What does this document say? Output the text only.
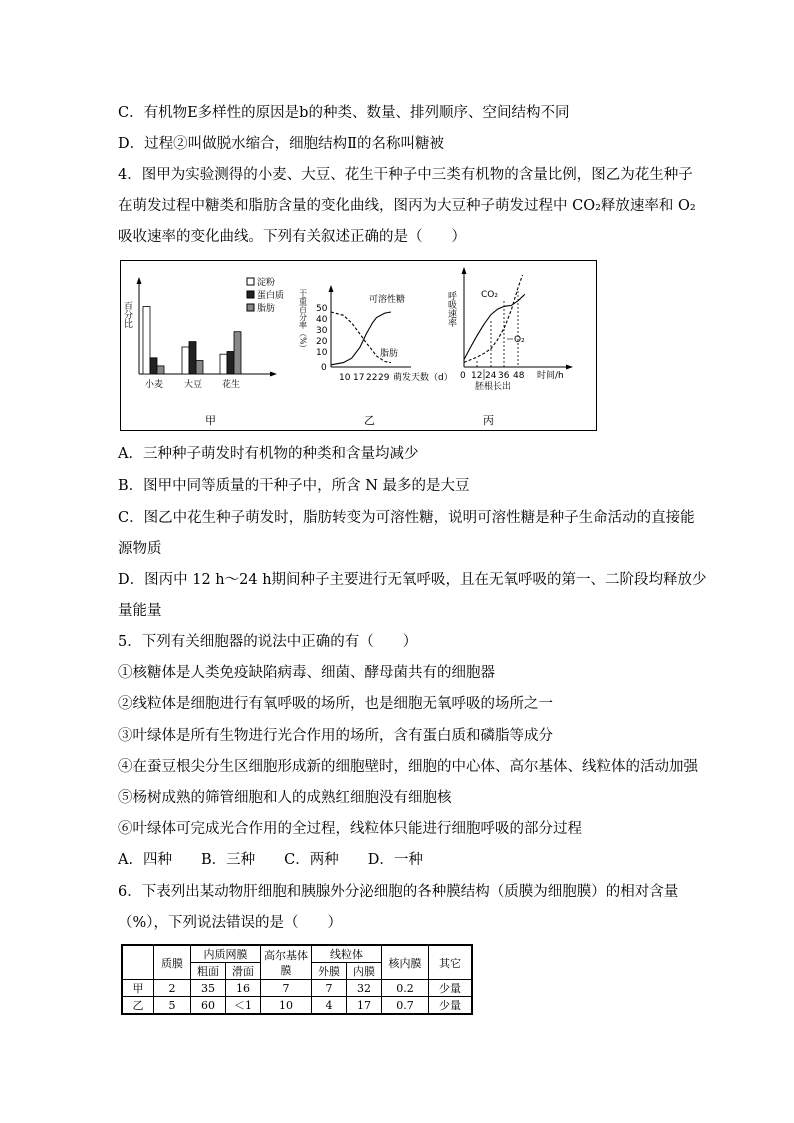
C．有机物E多样性的原因是b的种类、数量、排列顺序、空间结构不同
D．过程②叫做脱水缩合，细胞结构Ⅱ的名称叫糖被
4．图甲为实验测得的小麦、大豆、花生干种子中三类有机物的含量比例，图乙为花生种子
在萌发过程中糖类和脂肪含量的变化曲线，图丙为大豆种子萌发过程中 CO₂释放速率和 O₂
吸收速率的变化曲线。下列有关叙述正确的是（　　）
百分比
小麦 大豆 花生
淀粉
蛋白质
脂肪
甲
干重百分率（%） 50
40
30
20
10
0
10 17 22 29 萌发天数（d）
可溶性糖
脂肪
乙
呼吸速率
0 12 24 36 48 时间/h
胚根长出
CO₂
O₂
丙
A．三种种子萌发时有机物的种类和含量均减少
B．图甲中同等质量的干种子中，所含 N 最多的是大豆
C．图乙中花生种子萌发时，脂肪转变为可溶性糖，说明可溶性糖是种子生命活动的直接能
源物质
D．图丙中 12 h～24 h期间种子主要进行无氧呼吸，且在无氧呼吸的第一、二阶段均释放少
量能量
5．下列有关细胞器的说法中正确的有（　　）
①核糖体是人类免疫缺陷病毒、细菌、酵母菌共有的细胞器
②线粒体是细胞进行有氧呼吸的场所，也是细胞无氧呼吸的场所之一
③叶绿体是所有生物进行光合作用的场所，含有蛋白质和磷脂等成分
④在蚕豆根尖分生区细胞形成新的细胞壁时，细胞的中心体、高尔基体、线粒体的活动加强
⑤杨树成熟的筛管细胞和人的成熟红细胞没有细胞核
⑥叶绿体可完成光合作用的全过程，线粒体只能进行细胞呼吸的部分过程
A．四种　　B．三种　　C．两种　　D．一种
6．下表列出某动物肝细胞和胰腺外分泌细胞的各种膜结构（质膜为细胞膜）的相对含量
（%），下列说法错误的是（　　）
	质膜	内质网膜		高尔基体膜	线粒体		核内膜	其它
		粗面	滑面		外膜	内膜		
甲	2	35	16	7	7	32	0.2	少量
乙	5	60	＜1	10	4	17	0.7	少量
